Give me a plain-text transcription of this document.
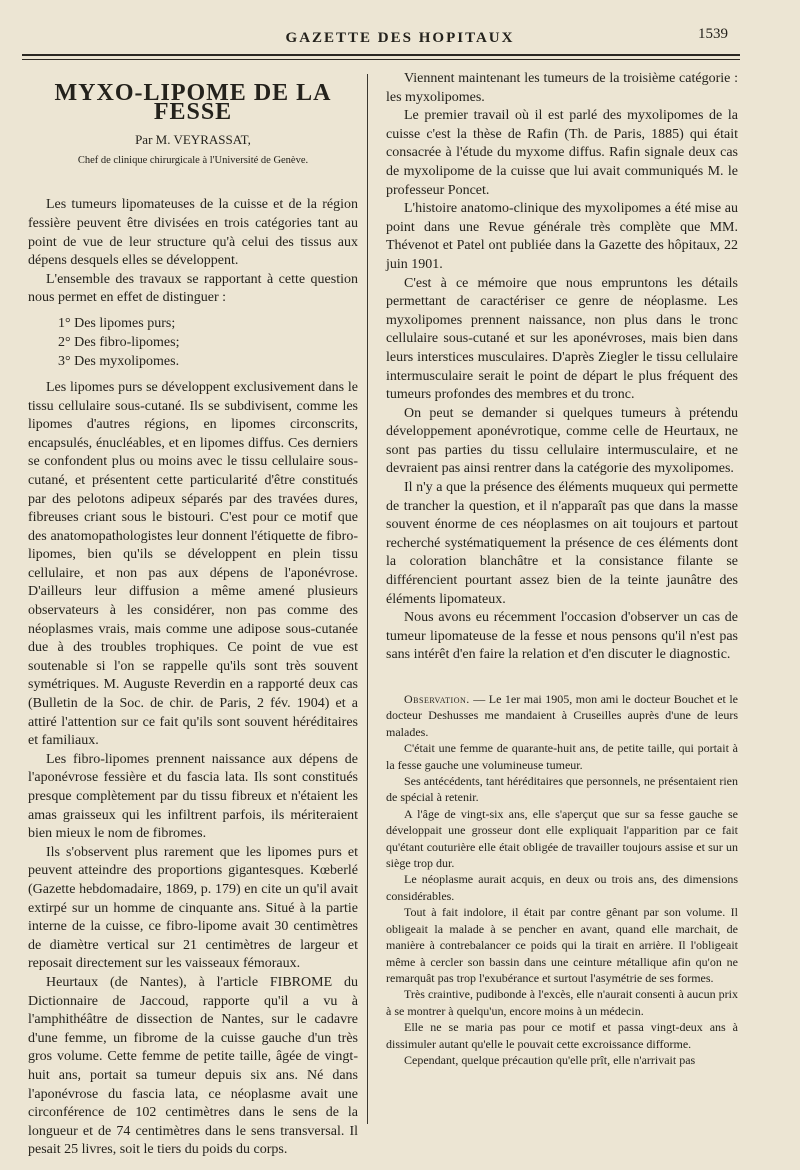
GAZETTE DES HOPITAUX	1539
MYXO-LIPOME DE LA FESSE
Par M. VEYRASSAT,
Chef de clinique chirurgicale à l'Université de Genève.

Les tumeurs lipomateuses de la cuisse et de la région fessière peuvent être divisées en trois catégories tant au point de vue de leur structure qu'à celui des tissus aux dépens desquels elles se développent.

L'ensemble des travaux se rapportant à cette question nous permet en effet de distinguer :

1° Des lipomes purs;
2° Des fibro-lipomes;
3° Des myxolipomes.

Les lipomes purs se développent exclusivement dans le tissu cellulaire sous-cutané. Ils se subdivisent, comme les lipomes d'autres régions, en lipomes circonscrits, encapsulés, énucléables, et en lipomes diffus. Ces derniers se confondent plus ou moins avec le tissu cellulaire sous-cutané, et présentent cette particularité d'être constitués par des pelotons adipeux séparés par des travées dures, fibreuses criant sous le bistouri. C'est pour ce motif que des anatomopathologistes leur donnent l'étiquette de fibro-lipomes, bien qu'ils se développent en plein tissu cellulaire, et non pas aux dépens de l'aponévrose. D'ailleurs leur diffusion a même amené plusieurs observateurs à les considérer, non pas comme des néoplasmes vrais, mais comme une adipose sous-cutanée due à des troubles trophiques. Ce point de vue est soutenable si l'on se rappelle qu'ils sont très souvent symétriques. M. Auguste Reverdin en a rapporté deux cas (Bulletin de la Soc. de chir. de Paris, 2 fév. 1904) et a attiré l'attention sur ce fait qu'ils sont souvent héréditaires et familiaux.

Les fibro-lipomes prennent naissance aux dépens de l'aponévrose fessière et du fascia lata. Ils sont constitués presque complètement par du tissu fibreux et n'étaient les amas graisseux qui les infiltrent parfois, ils mériteraient bien mieux le nom de fibromes.

Ils s'observent plus rarement que les lipomes purs et peuvent atteindre des proportions gigantesques. Kœberlé (Gazette hebdomadaire, 1869, p. 179) en cite un qu'il avait extirpé sur un homme de cinquante ans. Situé à la partie interne de la cuisse, ce fibro-lipome avait 30 centimètres de diamètre vertical sur 21 centimètres de largeur et reposait directement sur les vaisseaux fémoraux.

Heurtaux (de Nantes), à l'article FIBROME du Dictionnaire de Jaccoud, rapporte qu'il a vu à l'amphithéâtre de dissection de Nantes, sur le cadavre d'une femme, un fibrome de la cuisse gauche d'un très gros volume. Cette femme de petite taille, âgée de vingt-huit ans, portait sa tumeur depuis six ans. Né dans l'aponévrose du fascia lata, ce néoplasme avait une circonférence de 102 centimètres dans le sens de la longueur et de 74 centimètres dans le sens transversal. Il pesait 25 livres, soit le tiers du poids du corps.

Viennent maintenant les tumeurs de la troisième catégorie : les myxolipomes.

Le premier travail où il est parlé des myxolipomes de la cuisse c'est la thèse de Rafin (Th. de Paris, 1885) qui était consacrée à l'étude du myxome diffus. Rafin signale deux cas de myxolipome de la cuisse que lui avait communiqués M. le professeur Poncet.

L'histoire anatomo-clinique des myxolipomes a été mise au point dans une Revue générale très complète que MM. Thévenot et Patel ont publiée dans la Gazette des hôpitaux, 22 juin 1901.

C'est à ce mémoire que nous empruntons les détails permettant de caractériser ce genre de néoplasme. Les myxolipomes prennent naissance, non plus dans le tronc cellulaire sous-cutané et sur les aponévroses, mais bien dans leurs interstices musculaires. D'après Ziegler le tissu cellulaire intermusculaire serait le point de départ le plus fréquent des tumeurs profondes des membres et du tronc.

On peut se demander si quelques tumeurs à prétendu développement aponévrotique, comme celle de Heurtaux, ne sont pas parties du tissu cellulaire intermusculaire, et ne devraient pas ainsi rentrer dans la catégorie des myxolipomes.

Il n'y a que la présence des éléments muqueux qui permette de trancher la question, et il n'apparaît pas que dans la masse souvent énorme de ces néoplasmes on ait toujours et partout recherché systématiquement la présence de ces éléments dont la coloration blanchâtre et la consistance filante se différencient pourtant assez bien de la teinte jaunâtre des éléments lipomateux.

Nous avons eu récemment l'occasion d'observer un cas de tumeur lipomateuse de la fesse et nous pensons qu'il n'est pas sans intérêt d'en faire la relation et d'en discuter le diagnostic.

Observation. — Le 1er mai 1905, mon ami le docteur Bouchet et le docteur Deshusses me mandaient à Cruseilles auprès d'une de leurs malades.

C'était une femme de quarante-huit ans, de petite taille, qui portait à la fesse gauche une volumineuse tumeur.

Ses antécédents, tant héréditaires que personnels, ne présentaient rien de spécial à retenir.

A l'âge de vingt-six ans, elle s'aperçut que sur sa fesse gauche se développait une grosseur dont elle expliquait l'apparition par ce fait qu'étant couturière elle était obligée de travailler toujours assise et sur un siège trop dur.

Le néoplasme aurait acquis, en deux ou trois ans, des dimensions considérables.

Tout à fait indolore, il était par contre gênant par son volume. Il obligeait la malade à se pencher en avant, quand elle marchait, de manière à contrebalancer ce poids qui la tirait en arrière. Il l'obligeait même à cercler son bassin dans une ceinture métallique afin qu'on ne remarquât pas trop l'exubérance et surtout l'asymétrie de ses formes.

Très craintive, pudibonde à l'excès, elle n'aurait consenti à aucun prix à se montrer à quelqu'un, encore moins à un médecin.

Elle ne se maria pas pour ce motif et passa vingt-deux ans à dissimuler autant qu'elle le pouvait cette excroissance difforme.

Cependant, quelque précaution qu'elle prît, elle n'arrivait pas
